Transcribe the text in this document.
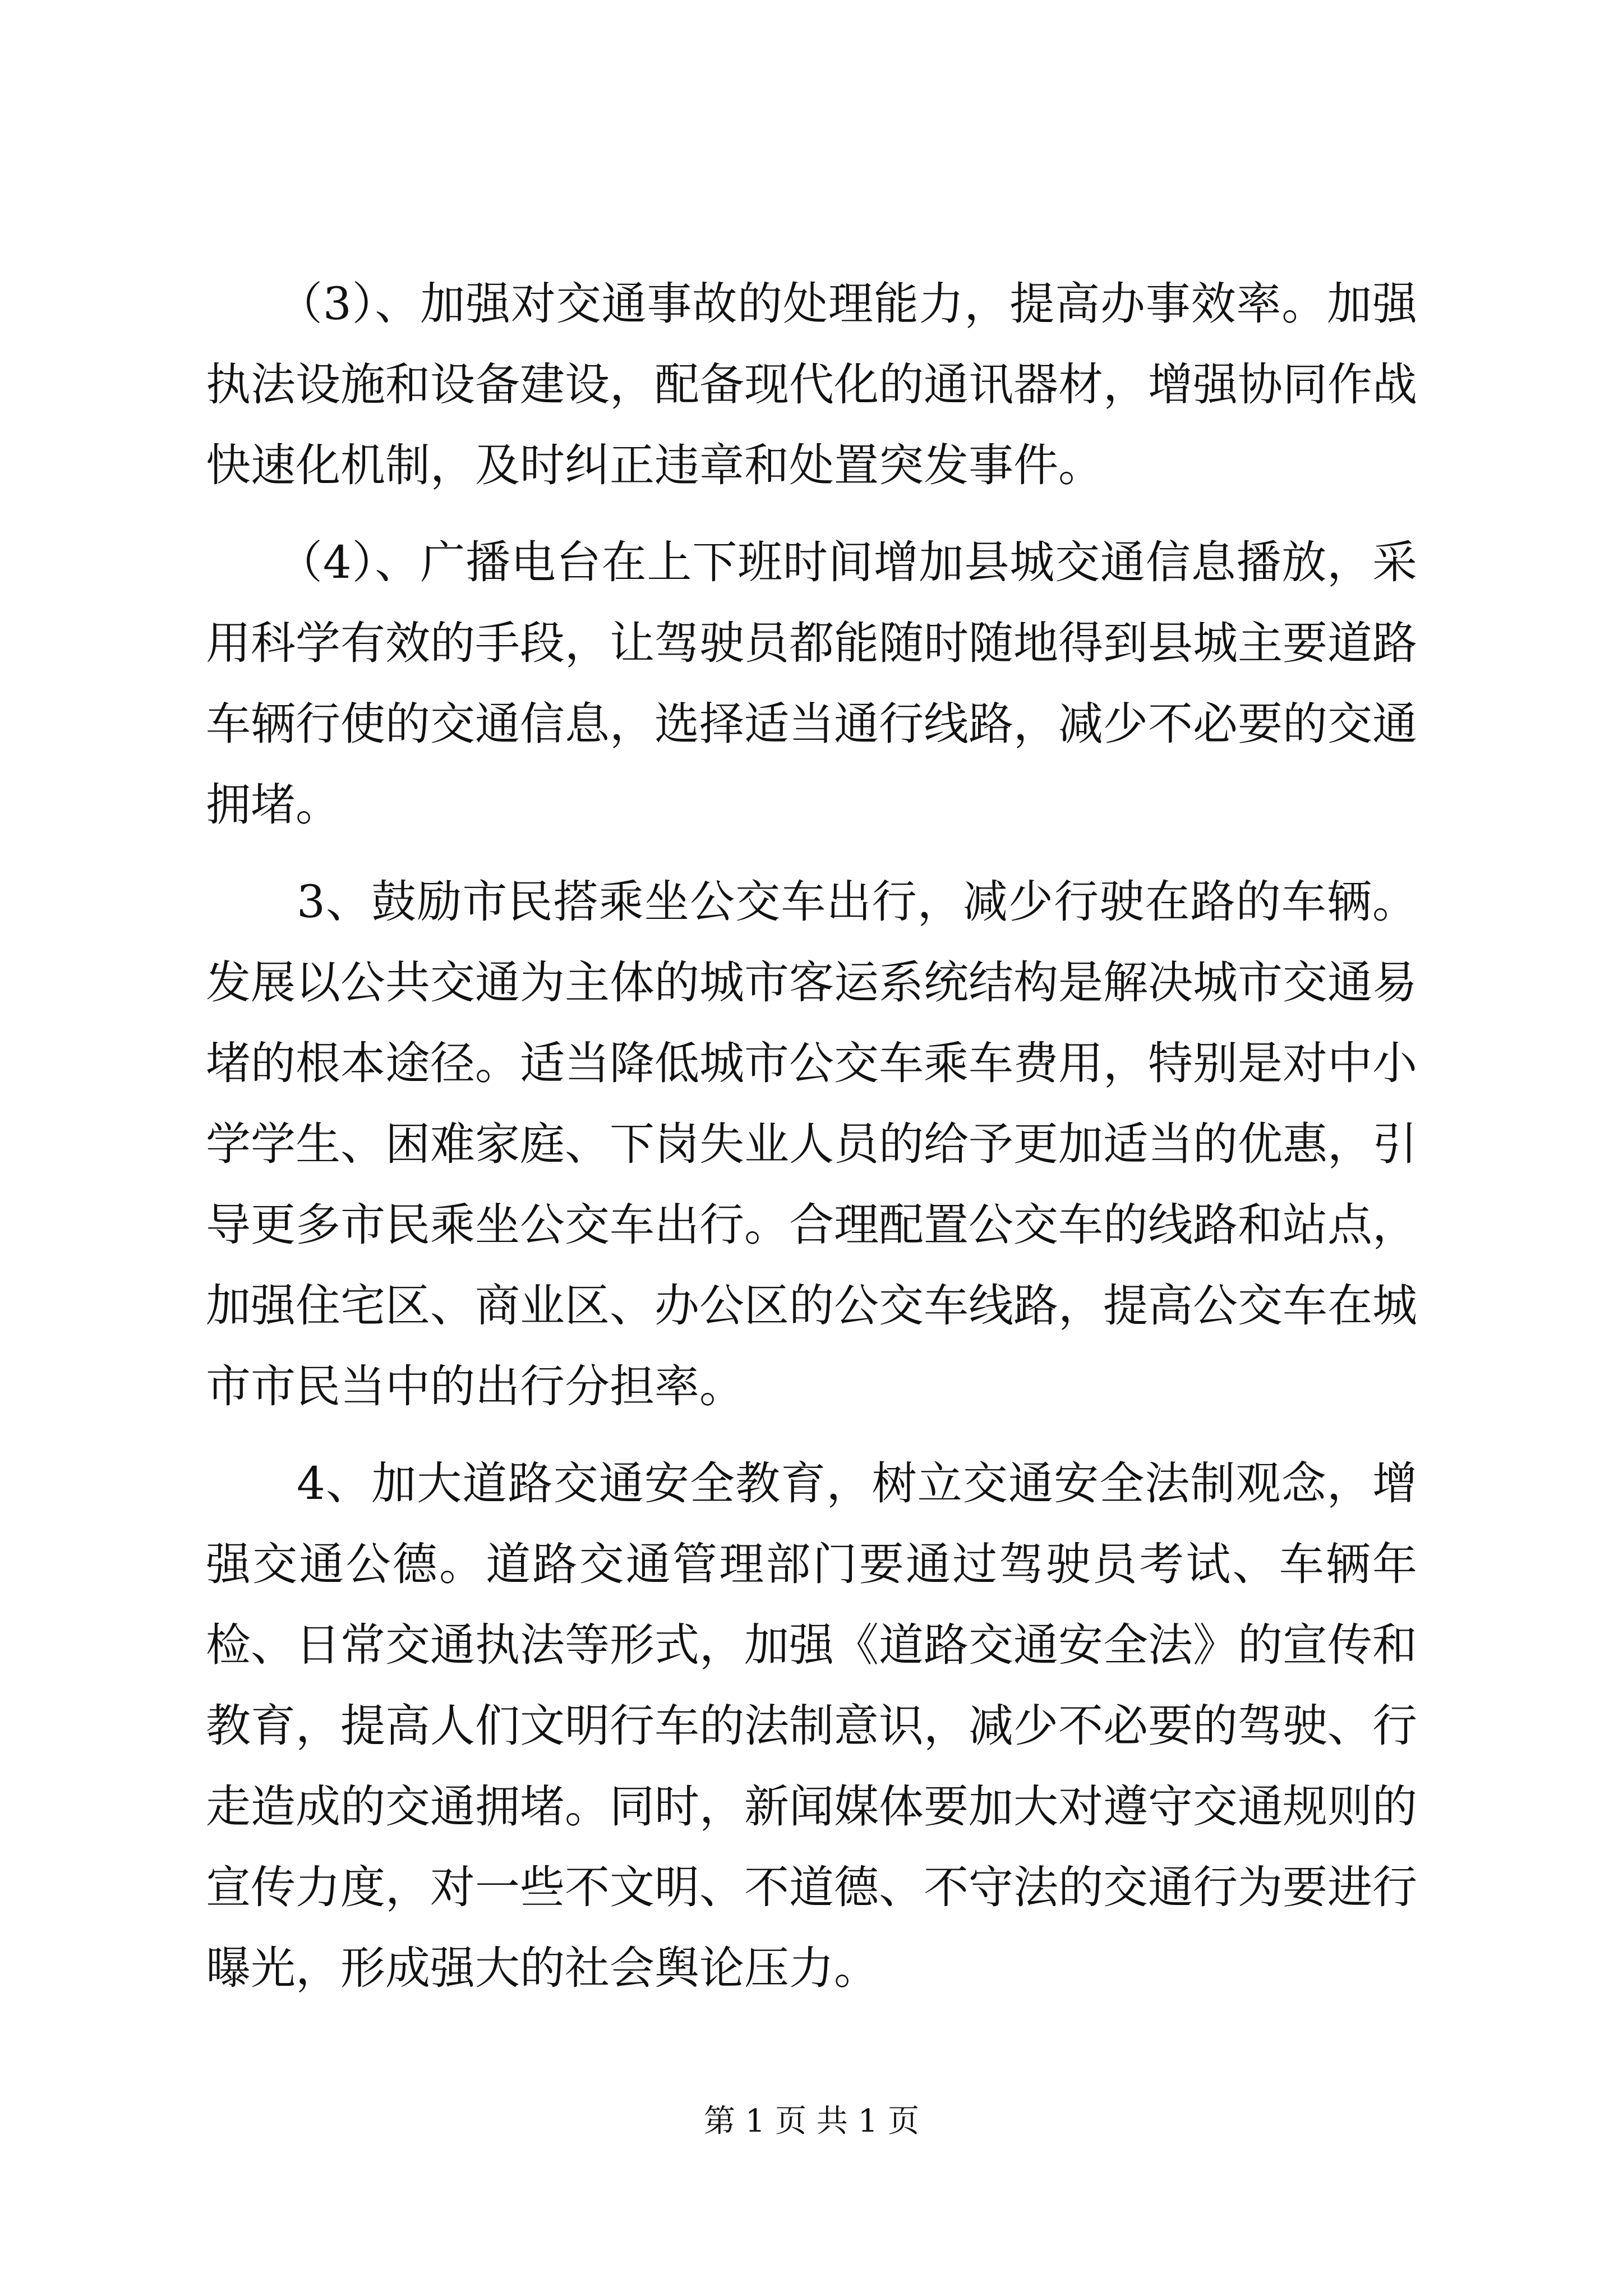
（3）、加强对交通事故的处理能力，提高办事效率。加强执法设施和设备建设，配备现代化的通讯器材，增强协同作战快速化机制，及时纠正违章和处置突发事件。

（4）、广播电台在上下班时间增加县城交通信息播放，采用科学有效的手段，让驾驶员都能随时随地得到县城主要道路车辆行使的交通信息，选择适当通行线路，减少不必要的交通拥堵。

3、鼓励市民搭乘坐公交车出行，减少行驶在路的车辆。发展以公共交通为主体的城市客运系统结构是解决城市交通易堵的根本途径。适当降低城市公交车乘车费用，特别是对中小学学生、困难家庭、下岗失业人员的给予更加适当的优惠，引导更多市民乘坐公交车出行。合理配置公交车的线路和站点，加强住宅区、商业区、办公区的公交车线路，提高公交车在城市市民当中的出行分担率。

4、加大道路交通安全教育，树立交通安全法制观念，增强交通公德。道路交通管理部门要通过驾驶员考试、车辆年检、日常交通执法等形式，加强《道路交通安全法》的宣传和教育，提高人们文明行车的法制意识，减少不必要的驾驶、行走造成的交通拥堵。同时，新闻媒体要加大对遵守交通规则的宣传力度，对一些不文明、不道德、不守法的交通行为要进行曝光，形成强大的社会舆论压力。

第 1 页 共 1 页
